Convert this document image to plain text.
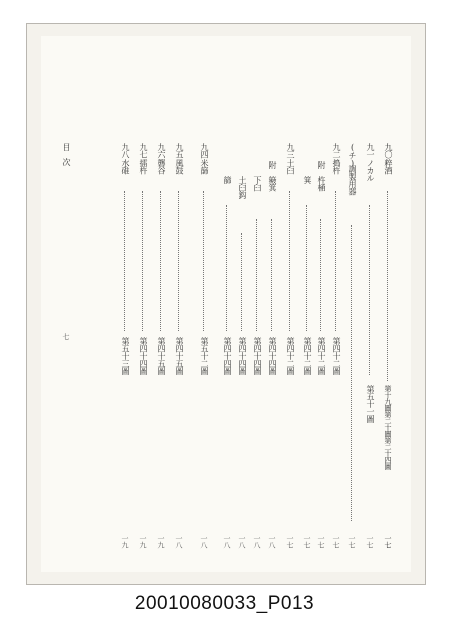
目　次
七
九〇
粹酒
第十九圖第二十圖第二十四圖
一七
九一
ノカル
第五十一圖
一七
(チ)
調製用器
一七
九二
搗杵
第四十二圖
一七
附　杵桶
第四十二圖
一七
　　箕
第四十二圖
一七
九三
土臼
第四十二圖
一七
附　簸箕
第四十四圖
一八
　　下臼
第四十四圖
一八
　　土臼鈎
第四十四圖
一八
　　篩
第四十四圖
一八
九四
米篩
第五十二圖
一八
九五
風鼓
第四十五圖
一八
九六
礱谷
第四十五圖
一九
九七
擂杵
第四十四圖
一九
九八
水碓
第五十三圖
一九
20010080033_P013
